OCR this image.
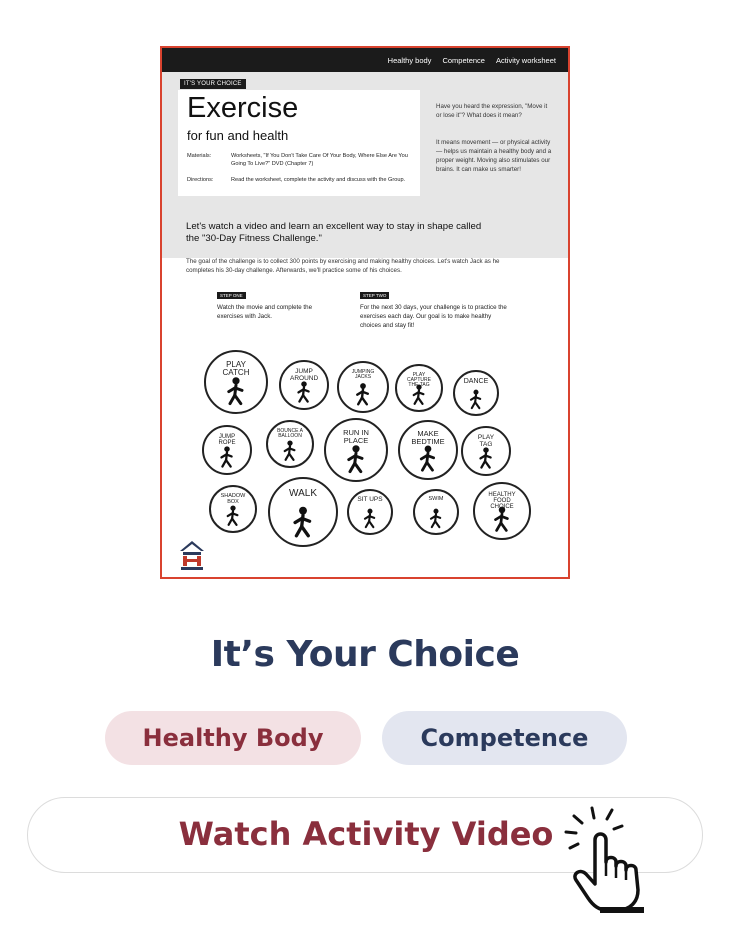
Healthy body Competence Activity worksheet
Exercise
for fun and health
Materials:	Worksheets, "If You Don't Take Care Of Your Body, Where Else Are You Going To Live?" DVD (Chapter 7)
Directions:	Read the worksheet, complete the activity and discuss with the Group.
IT'S YOUR CHOICE
Have you heard the expression, "Move it or lose it"? What does it mean?
It means movement — or physical activity — helps us maintain a healthy body and a proper weight. Moving also stimulates our brains. It can make us smarter!
Let's watch a video and learn an excellent way to stay in shape called the "30-Day Fitness Challenge."
The goal of the challenge is to collect 300 points by exercising and making healthy choices. Let's watch Jack as he completes his 30-day challenge. Afterwards, we'll practice some of his choices.
STEP ONE
Watch the movie and complete the exercises with Jack.
STEP TWO
For the next 30 days, your challenge is to practice the exercises each day. Our goal is to make healthy choices and stay fit!
PLAY CATCH	JUMP AROUND
JUMPING JACKS	PLAY CAPTURE THE TAG	DANCE
JUMP ROPE
BOUNCE A BALLOON	RUN IN PLACE
MAKE BEDTIME	PLAY TAG
SHADOW BOX
WALK
SIT UPS	SWIM
HEALTHY FOOD CHOICE
It’s Your Choice
Healthy Body	Competence
Watch Activity Video
